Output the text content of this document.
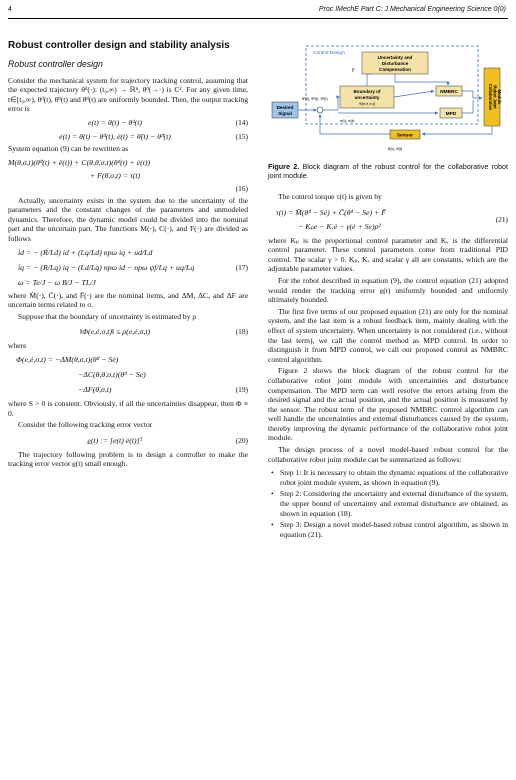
4	Proc IMechE Part C: J Mechanical Engineering Science 0(0)
Robust controller design and stability analysis
Robust controller design

Consider the mechanical system for trajectory tracking control, assuming that the expected trajectory θᵈ(·): (t₀,∞) → ℝⁿ, θᵈ(→·) is C². For any given time, t∈[t₀,∞), θᵈ(t), θ̇ᵈ(t) and θ̈ᵈ(t) are uniformly bounded. Then, the output tracking error is

e(t) = θ(t) − θᵈ(t)	(14)
ė(t) = θ̇(t) − θ̇ᵈ(t), ë(t) = θ̈(t) − θ̈ᵈ(t)	(15)

System equation (9) can be rewritten as

M(θ,σ,t)(θ̈ᵈ(t) + ë(t)) + C(θ,θ̇,σ,t)(θ̇ᵈ(t) + ė(t))
+ F(θ̇,σ,t) = τ(t)
(16)

Actually, uncertainty exists in the system due to the uncertainty of the parameters and the constant changes of the parameters and unmodeled dynamics. Therefore, the dynamic model could be divided into the nominal part and the uncertain part. The functions M(·), C(·), and F(·) are divided as follows

i̇d = − (R/Ld) id + (Lq/Ld) npω iq + ud/Ld
i̇q = − (R/Lq) iq − (Ld/Lq) npω id − npω ψf/Lq + uq/Lq	(17)
ω̇ = Te/J − ω B/J − TL/J

where M̄(·), C̄(·), and F̄(·) are the nominal items, and ΔM, ΔC, and ΔF are uncertain terms related to σ.

Suppose that the boundary of uncertainty is estimated by ρ

‖Φ(e,ė,σ,t)‖ ≤ ρ(e,ė,σ,t)	(18)

where

Φ(e,ė,σ,t) = −ΔM(θ,σ,t)(θ̈ᵈ − Sė)
−ΔC(θ,θ̇,σ,t)(θ̇ᵈ − Se)
−ΔF(θ̇,σ,t)	(19)

where S > 0 is constent. Obviously, if all the uncertainties disappear, then Φ ≡ 0.

Consider the following tracking error vector

e̲(t) := [e(t) ė(t)]ᵀ	(20)

The trajectory following problem is to design a controller to make the tracking error vector e̲(t) small enough.

Control Design
Uncertainty and
Disturbance
Compensation
γ
Boundary of
uncertainty
Φ(e,ė,σ,t)
NMBRC
MPD
Collaborative Robot Joint Module
Desired
Signal
θᵈ(t), θ̇ᵈ(t), θ̈ᵈ(t)
e(t), ė(t)
Sensor
θ(t), θ̇(t)
Figure 2. Block diagram of the robust control for the collaborative robot joint module.

The control torque τ(t) is given by

τ(t) = M̄(θ̈ᵈ − Sė) + C̄(θ̇ᵈ − Se) + F̄
− Kₚe − Kᵥė − γ(ė + Se)ρ²
(21)

where Kₚ is the proportional control parameter and Kᵥ is the differential control parameter. These control parameters come from traditional PID control. The scalar γ > 0. Kₚ, Kᵥ and scalar γ all are constants, which are the adjustable parameter values.

For the robot described in equation (9), the control equation (21) adopted would render the tracking error e̲(t) uniformly bounded and uniformly ultimately bounded.

The first five terms of our proposed equation (21) are only for the nominal system, and the last item is a robust feedback item, mainly dealing with the effect of system uncertainty. When uncertainty is not considered (i.e., without the last term), we call the control method as MPD control. In order to distinguish it from MPD control, we call our proposed control as NMBRC control algorithm.

Figure 2 shows the block diagram of the robust control for the collaborative robot joint module with uncertainties and disturbance compensation. The MPD term can well resolve the errors arising from the desired signal and the actual position, and the actual position is measured by the sensor. The robust term of the proposed NMBRC control algorithm can well handle the uncertainties and external disturbances caused by the system, thereby improving the dynamic performance of the collaborative robot joint module.

The design process of a novel model-based robust control for the collaborative robot joint module can be summarized as follows:

• Step 1: It is necessary to obtain the dynamic equations of the collaborative robot joint module system, as shown in equation (9).
• Step 2: Considering the uncertainty and external disturbance of the system, the upper bound of uncertainty and external disturbance are obtained, as shown in equation (18).
• Step 3: Design a novel model-based robust control algorithm, as shown in equation (21).
